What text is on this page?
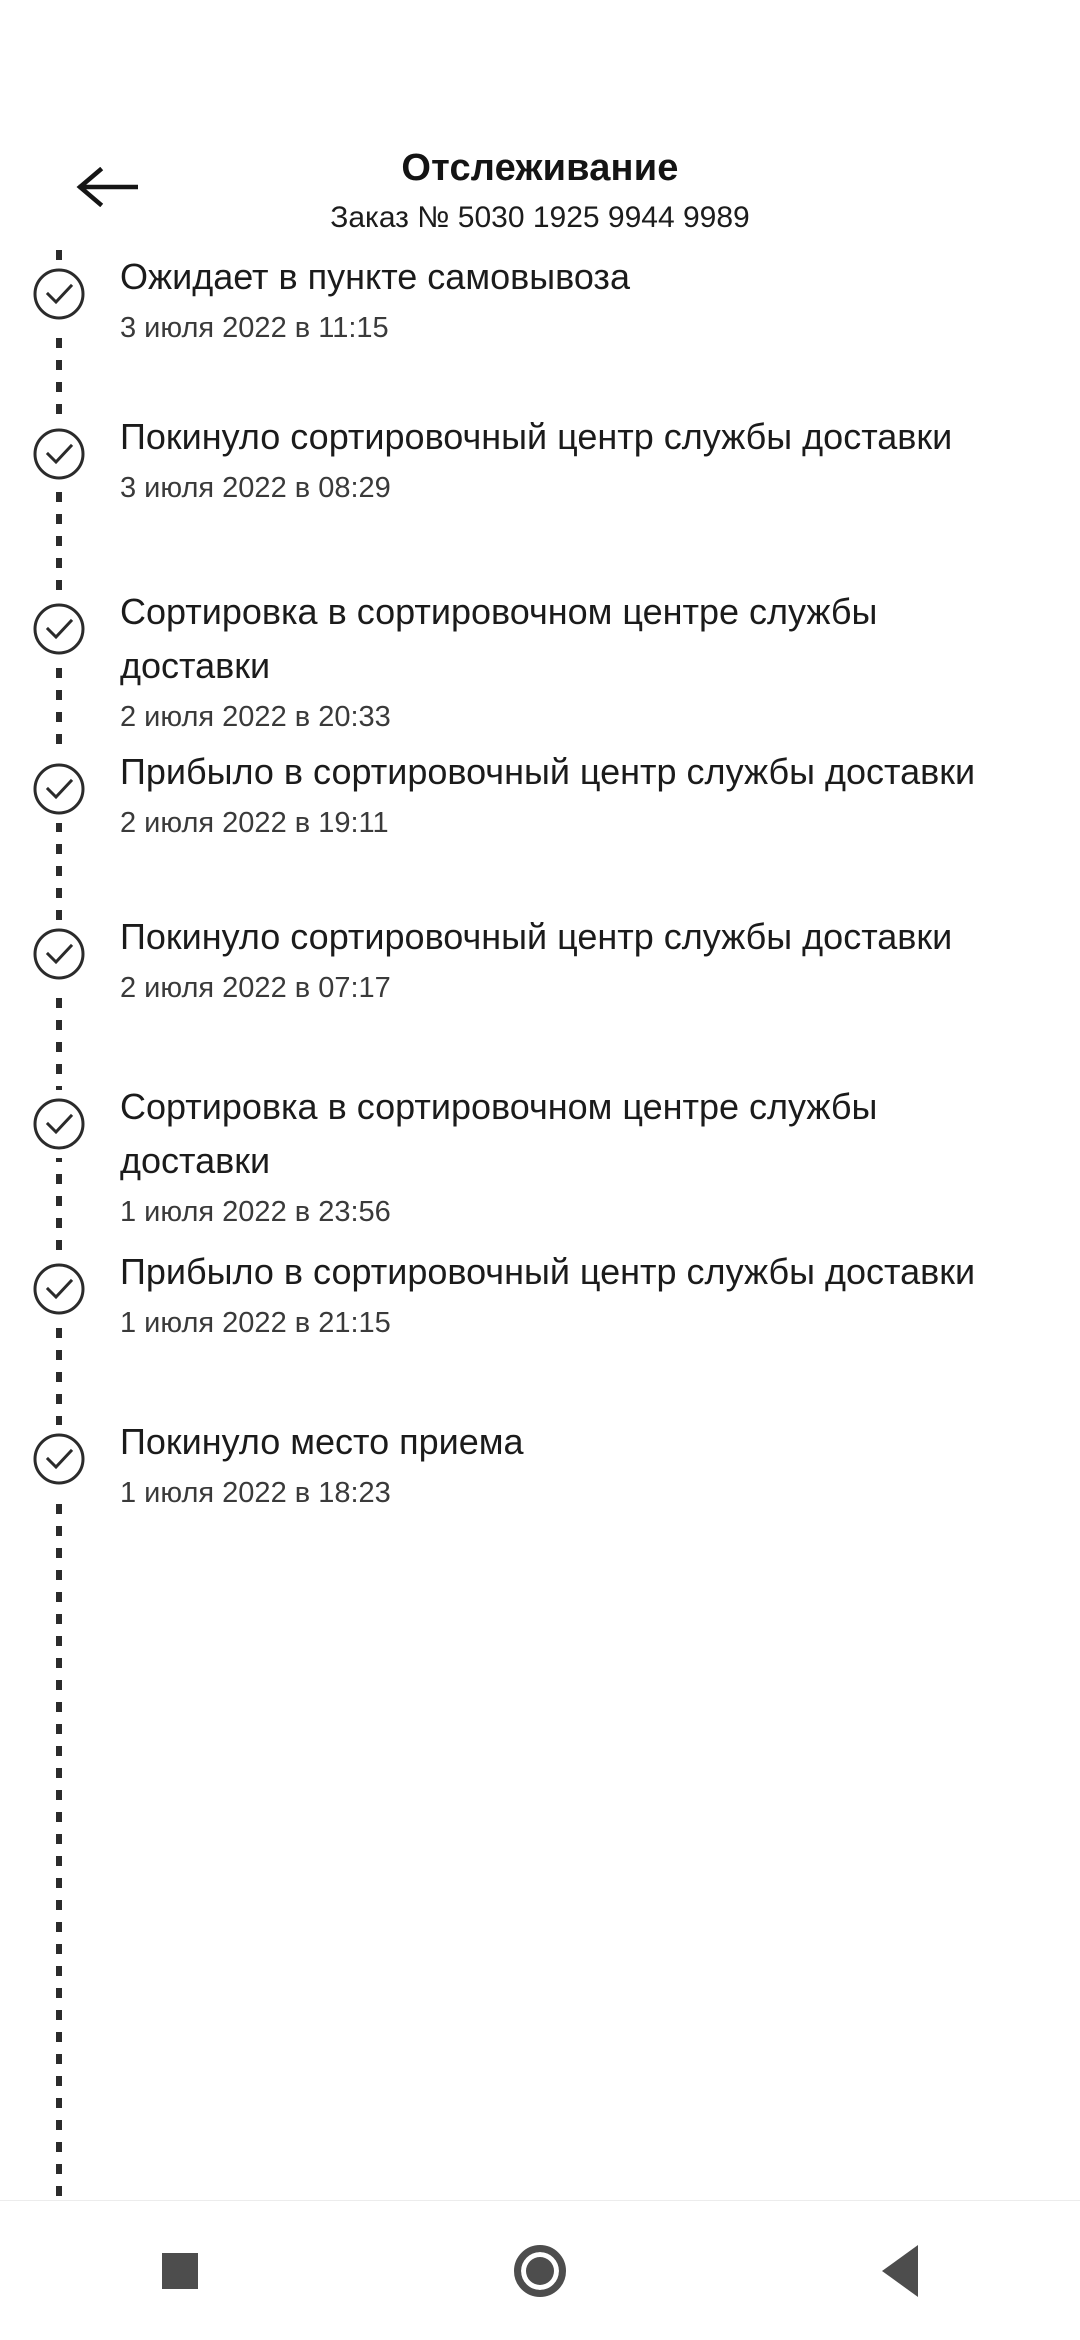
Отслеживание
Заказ № 5030 1925 9944 9989
Ожидает в пункте самовывоза
3 июля 2022 в 11:15
Покинуло сортировочный центр службы доставки
3 июля 2022 в 08:29
Сортировка в сортировочном центре службы доставки
2 июля 2022 в 20:33
Прибыло в сортировочный центр службы доставки
2 июля 2022 в 19:11
Покинуло сортировочный центр службы доставки
2 июля 2022 в 07:17
Сортировка в сортировочном центре службы доставки
1 июля 2022 в 23:56
Прибыло в сортировочный центр службы доставки
1 июля 2022 в 21:15
Покинуло место приема
1 июля 2022 в 18:23
